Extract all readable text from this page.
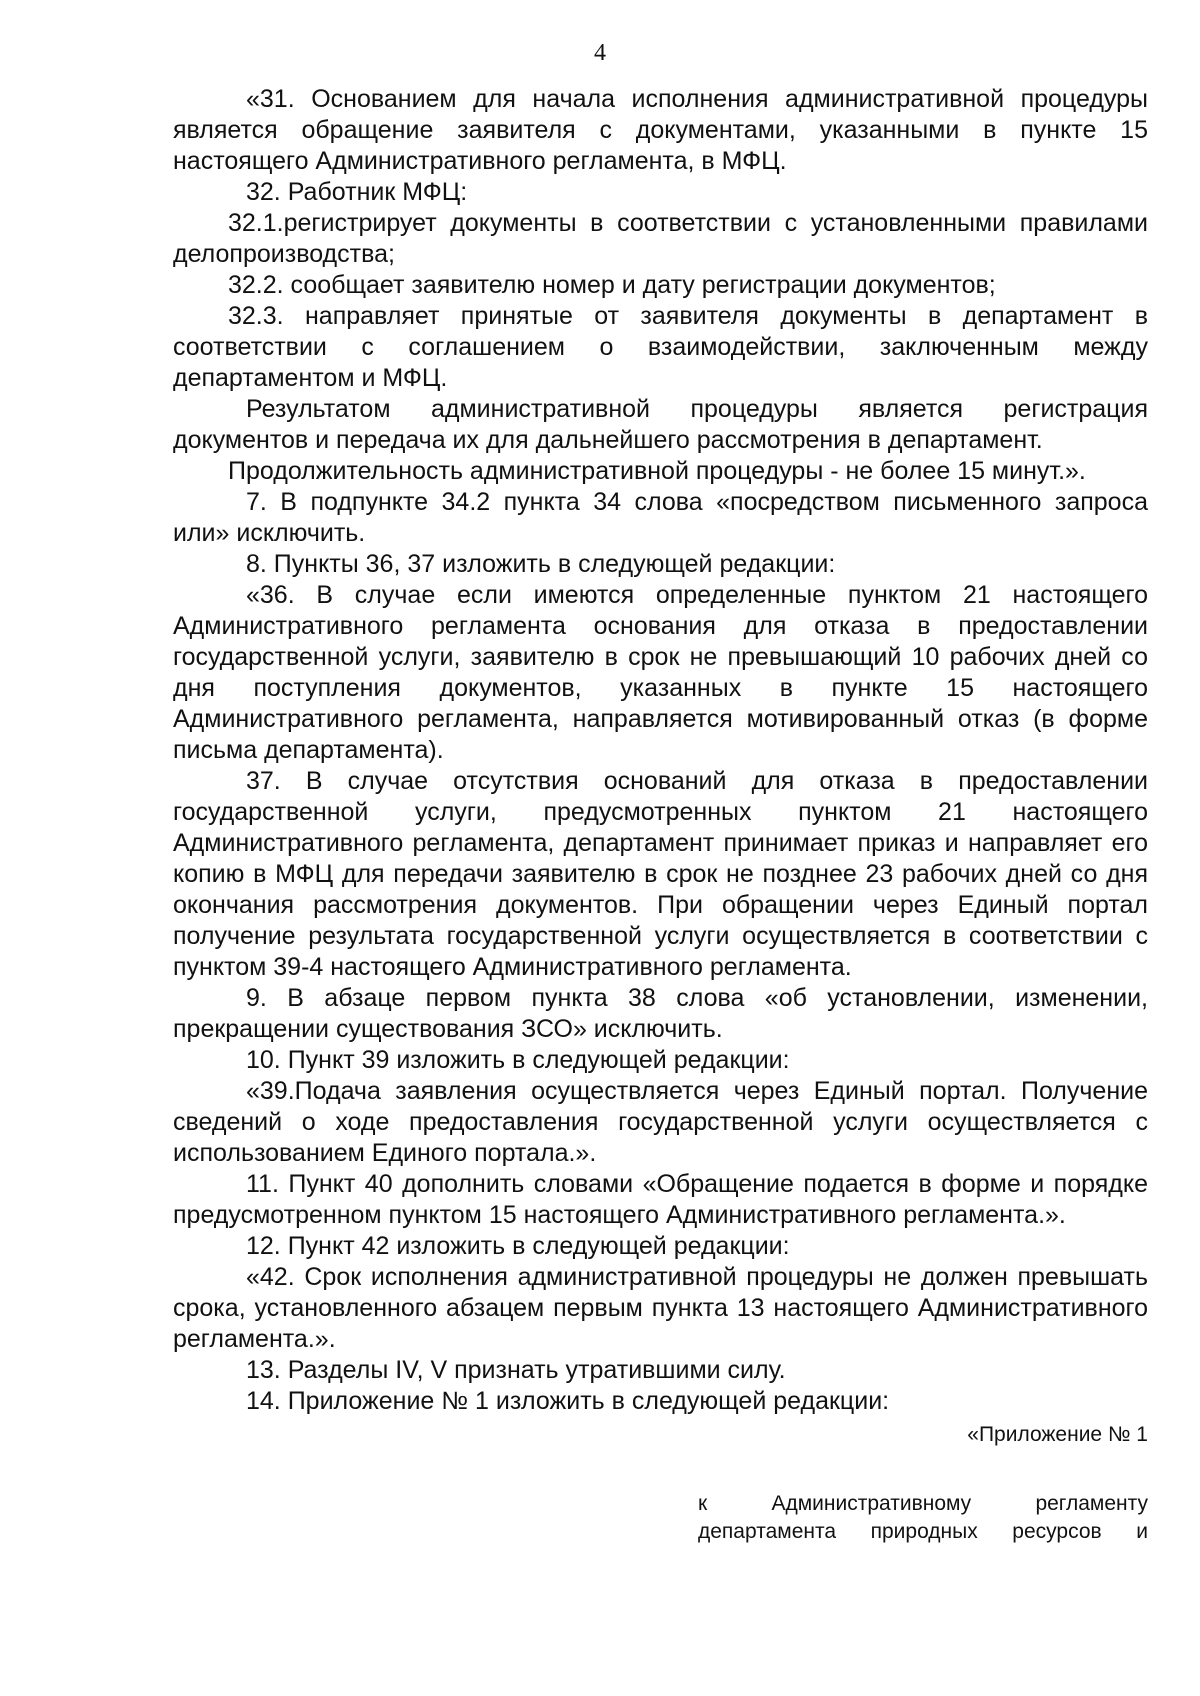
4

«31. Основанием для начала исполнения административной процедуры является обращение заявителя с документами, указанными в пункте 15 настоящего Административного регламента, в МФЦ.

32. Работник МФЦ:

32.1.регистрирует документы в соответствии с установленными правилами делопроизводства;

32.2. сообщает заявителю номер и дату регистрации документов;

32.3. направляет принятые от заявителя документы в департамент в соответствии с соглашением о взаимодействии, заключенным между департаментом и МФЦ.

Результатом административной процедуры является регистрация документов и передача их для дальнейшего рассмотрения в департамент.

Продолжительность административной процедуры - не более 15 минут.».

7. В подпункте 34.2 пункта 34 слова «посредством письменного запроса или» исключить.

8. Пункты 36, 37 изложить в следующей редакции:

«36. В случае если имеются определенные пунктом 21 настоящего Административного регламента основания для отказа в предоставлении государственной услуги, заявителю в срок не превышающий 10 рабочих дней со дня поступления документов, указанных в пункте 15 настоящего Административного регламента, направляется мотивированный отказ (в форме письма департамента).

37. В случае отсутствия оснований для отказа в предоставлении государственной услуги, предусмотренных пунктом 21 настоящего Административного регламента, департамент принимает приказ и направляет его копию в МФЦ для передачи заявителю в срок не позднее 23 рабочих дней со дня окончания рассмотрения документов. При обращении через Единый портал получение результата государственной услуги осуществляется в соответствии с пунктом 39-4 настоящего Административного регламента.

9. В абзаце первом пункта 38 слова «об установлении, изменении, прекращении существования ЗСО» исключить.

10. Пункт 39 изложить в следующей редакции:

«39.Подача заявления осуществляется через Единый портал. Получение сведений о ходе предоставления государственной услуги осуществляется с использованием Единого портала.».

11. Пункт 40 дополнить словами «Обращение подается в форме и порядке предусмотренном пунктом 15 настоящего Административного регламента.».

12. Пункт 42 изложить в следующей редакции:

«42. Срок исполнения административной процедуры не должен превышать срока, установленного абзацем первым пункта 13 настоящего Административного регламента.».

13. Разделы IV, V признать утратившими силу.

14. Приложение № 1 изложить в следующей редакции:

«Приложение № 1

к Административному регламенту

департамента природных ресурсов и
